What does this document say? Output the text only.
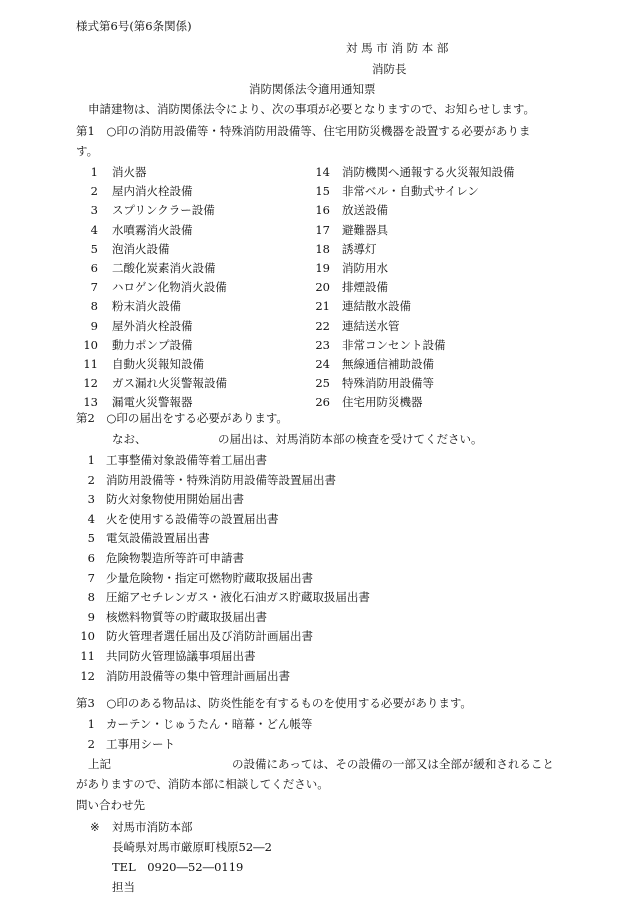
様式第6号(第6条関係)
対 馬 市 消 防 本 部
消防長
消防関係法令適用通知票
申請建物は、消防関係法令により、次の事項が必要となりますので、お知らせします。
第1　○印の消防用設備等・特殊消防用設備等、住宅用防災機器を設置する必要がありま
す。
1 消火器
2 屋内消火栓設備
3 スプリンクラー設備
4 水噴霧消火設備
5 泡消火設備
6 二酸化炭素消火設備
7 ハロゲン化物消火設備
8 粉末消火設備
9 屋外消火栓設備
10 動力ポンプ設備
11 自動火災報知設備
12 ガス漏れ火災警報設備
13 漏電火災警報器
14 消防機関へ通報する火災報知設備
15 非常ベル・自動式サイレン
16 放送設備
17 避難器具
18 誘導灯
19 消防用水
20 排煙設備
21 連結散水設備
22 連結送水管
23 非常コンセント設備
24 無線通信補助設備
25 特殊消防用設備等
26 住宅用防災機器
第2　○印の届出をする必要があります。
なお、	の届出は、対馬消防本部の検査を受けてください。
1 工事整備対象設備等着工届出書
2 消防用設備等・特殊消防用設備等設置届出書
3 防火対象物使用開始届出書
4 火を使用する設備等の設置届出書
5 電気設備設置届出書
6 危険物製造所等許可申請書
7 少量危険物・指定可燃物貯蔵取扱届出書
8 圧縮アセチレンガス・液化石油ガス貯蔵取扱届出書
9 核燃料物質等の貯蔵取扱届出書
10 防火管理者選任届出及び消防計画届出書
11 共同防火管理協議事項届出書
12 消防用設備等の集中管理計画届出書
第3　○印のある物品は、防炎性能を有するものを使用する必要があります。
1 カーテン・じゅうたん・暗幕・どん帳等
2 工事用シート
上記	の設備にあっては、その設備の一部又は全部が緩和されること
がありますので、消防本部に相談してください。
問い合わせ先
※ 対馬市消防本部
長崎県対馬市厳原町桟原52―2
TEL　0920―52―0119
担当
